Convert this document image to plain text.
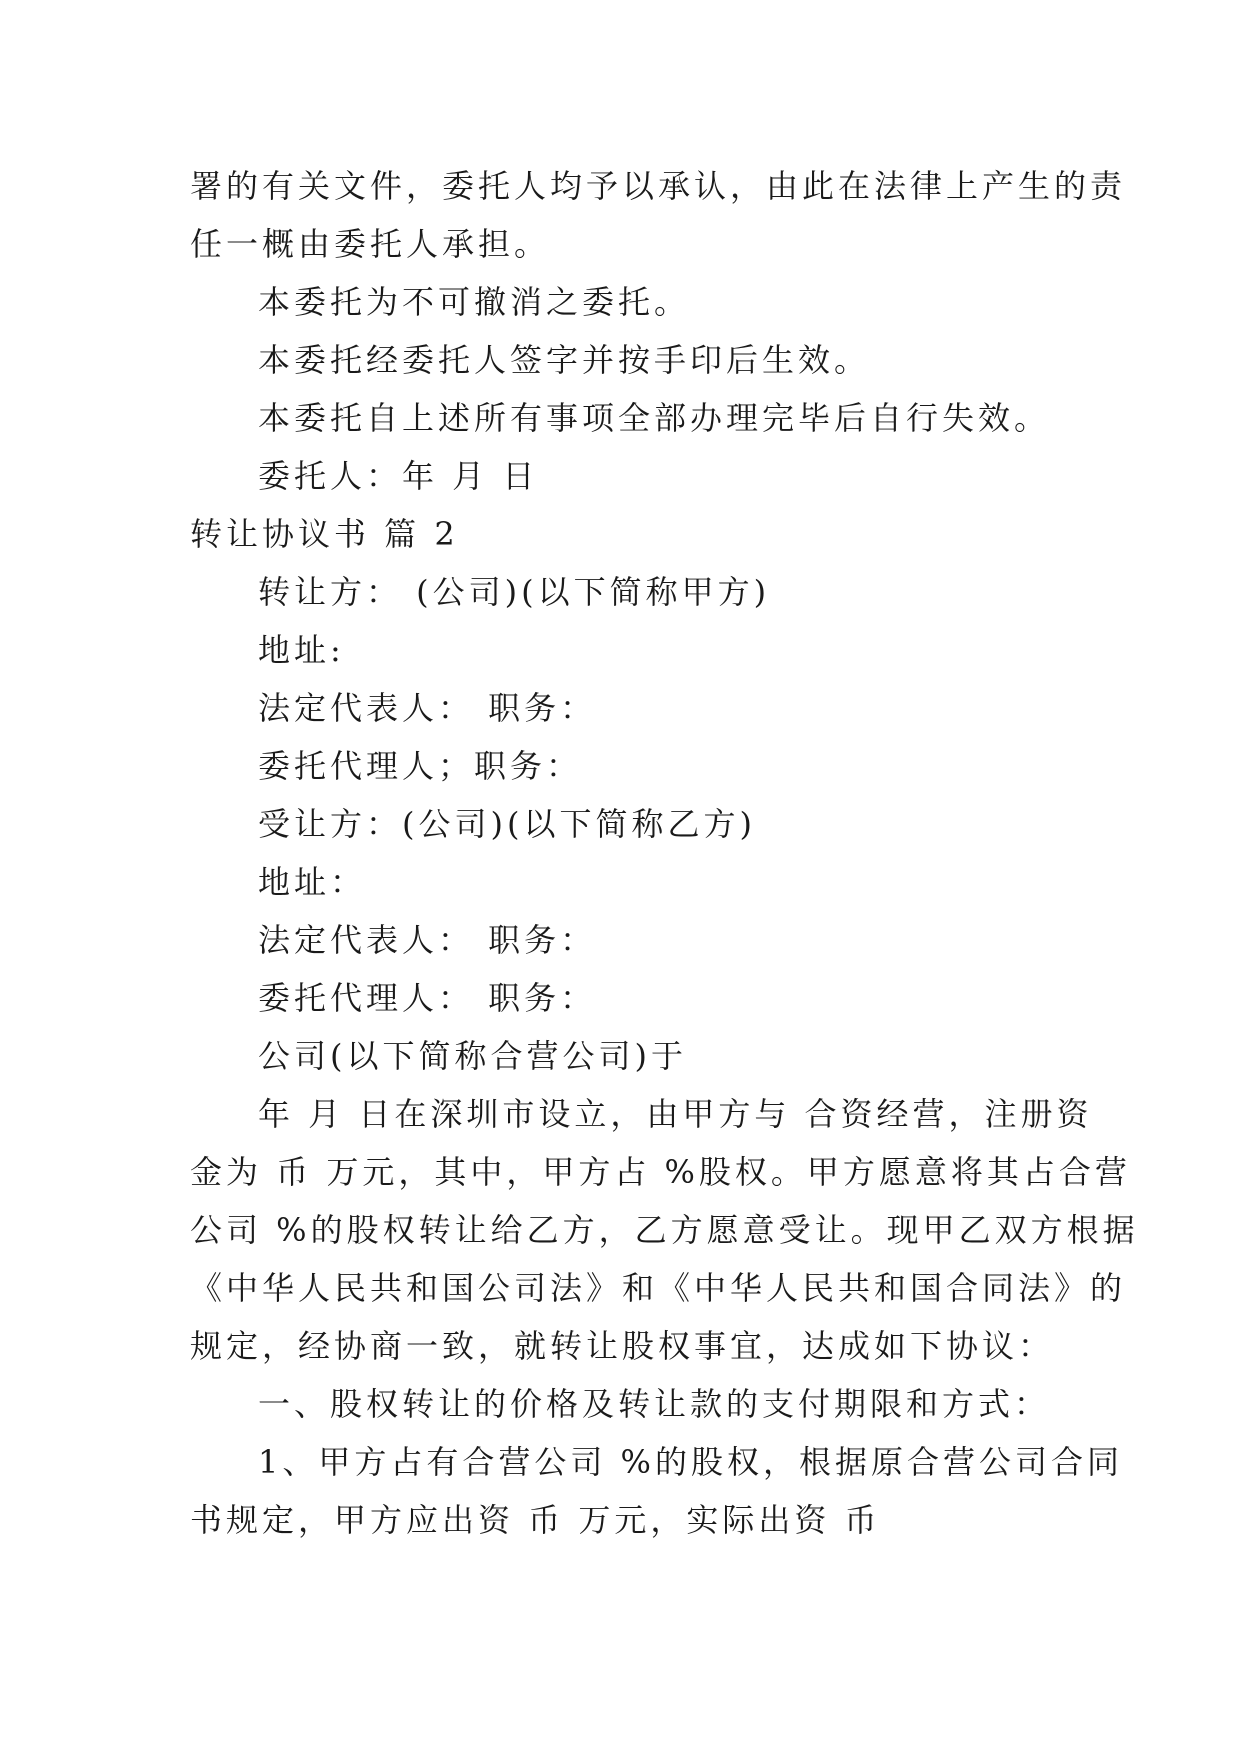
署的有关文件，委托人均予以承认，由此在法律上产生的责

任一概由委托人承担。

本委托为不可撤消之委托。

本委托经委托人签字并按手印后生效。

本委托自上述所有事项全部办理完毕后自行失效。

委托人：年 月 日

转让协议书 篇 2

转让方： (公司)(以下简称甲方)

地址:

法定代表人： 职务：

委托代理人；职务：

受让方：(公司)(以下简称乙方)

地址：

法定代表人： 职务：

委托代理人： 职务：

公司(以下简称合营公司)于

年 月 日在深圳市设立，由甲方与 合资经营，注册资

金为 币 万元，其中，甲方占 %股权。甲方愿意将其占合营

公司 %的股权转让给乙方，乙方愿意受让。现甲乙双方根据

《中华人民共和国公司法》和《中华人民共和国合同法》的

规定，经协商一致，就转让股权事宜，达成如下协议：

一、股权转让的价格及转让款的支付期限和方式：

1、甲方占有合营公司 %的股权，根据原合营公司合同

书规定，甲方应出资 币 万元，实际出资 币
